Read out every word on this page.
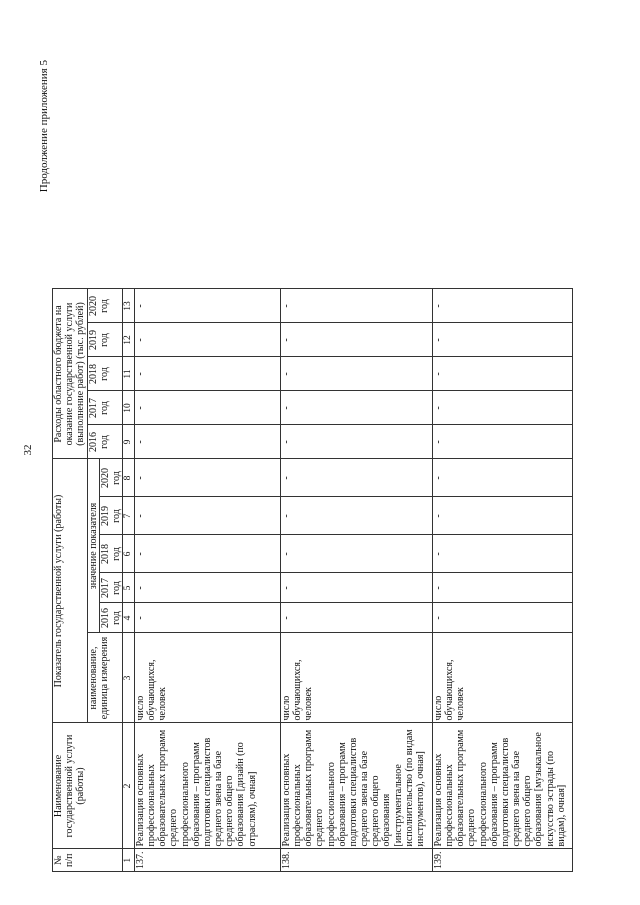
32
Продолжение приложения 5
№ п/п	Наименование государственной услуги (работы)	Показатель государственной услуги (работы)						Расходы областного бюджета на оказание государственной услуги (выполнение работ) (тыс. рублей)				
		наименование, единица измерения	значение показателя					2016 год	2017 год	2018 год	2019 год	2020 год
			2016 год	2017 год	2018 год	2019 год	2020 год					
1	2	3	4	5	6	7	8	9	10	11	12	13
137.	Реализация основных профессиональных образовательных программ среднего профессионального образования – программ подготовки специалистов среднего звена на базе среднего общего образования [дизайн (по отраслям), очная]	число обучающихся, человек	-	-	-	-	-	-	-	-	-	-
138.	Реализация основных профессиональных образовательных программ среднего профессионального образования – программ подготовки специалистов среднего звена на базе среднего общего образования [инструментальное исполнительство (по видам инструментов), очная]	число обучающихся, человек	-	-	-	-	-	-	-	-	-	-
139.	Реализация основных профессиональных образовательных программ среднего профессионального образования – программ подготовки специалистов среднего звена на базе среднего общего образования [музыкальное искусство эстрады (по видам), очная]	число обучающихся, человек	-	-	-	-	-	-	-	-	-	-
